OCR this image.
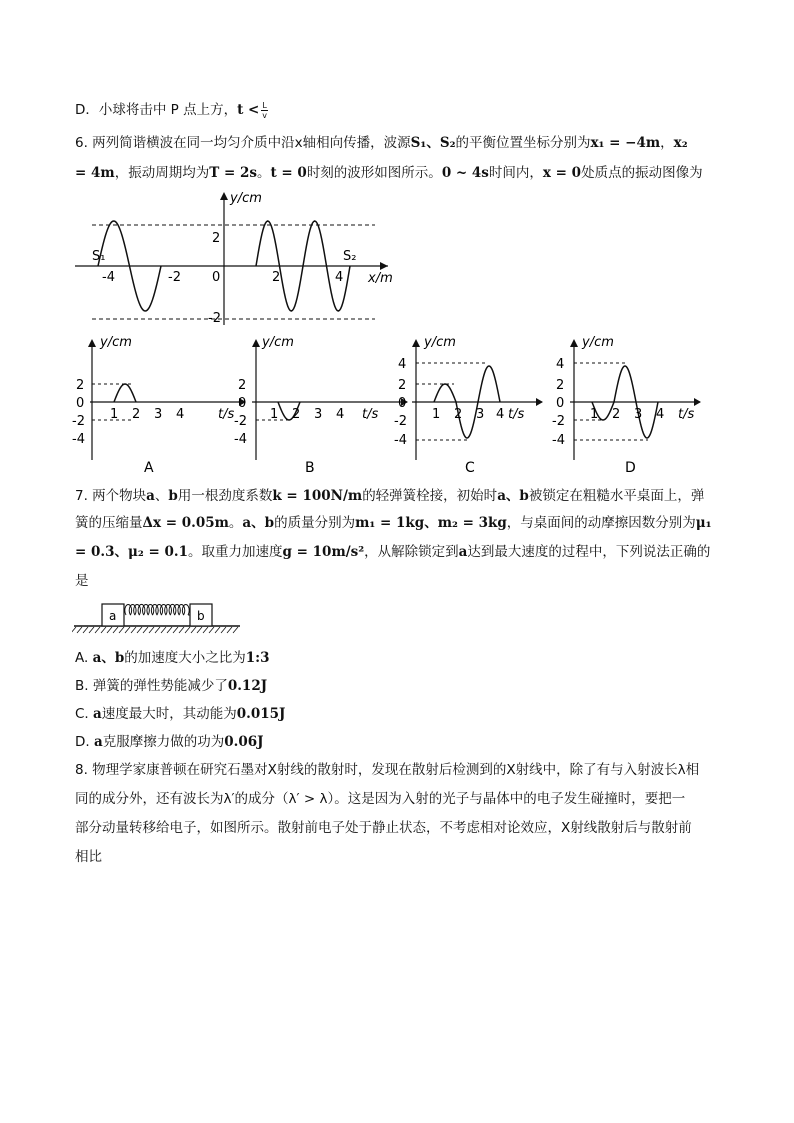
D．小球将击中 P 点上方，$t < \frac{L}{v}$
6. 两列简谐横波在同一均匀介质中沿x轴相向传播，波源S₁、S₂的平衡位置坐标分别为x₁ = −4m，x₂
= 4m，振动周期均为T = 2s。t = 0时刻的波形如图所示。0 ~ 4s时间内，x = 0处质点的振动图像为
y/cm
x/m
S₁	S₂
-4	-2 0	2	4
2
-2
y/cm
t/s
2
0
-2
-4
1 2 3 4
A
y/cm
t/s
2
0
-2
-4
1 2 3 4
B
y/cm
t/s
4
2
0
-2
-4
1 2 3 4
C
y/cm
t/s
4
2
0
-2
-4
1 2 3 4
D
7. 两个物块a、b用一根劲度系数k = 100N/m的轻弹簧栓接，初始时a、b被锁定在粗糙水平桌面上，弹
簧的压缩量Δx = 0.05m。a、b的质量分别为m₁ = 1kg、m₂ = 3kg，与桌面间的动摩擦因数分别为μ₁
= 0.3、μ₂ = 0.1。取重力加速度g = 10m/s²，从解除锁定到a达到最大速度的过程中，下列说法正确的
是
a	b
A. a、b的加速度大小之比为1:3
B. 弹簧的弹性势能减少了0.12J
C. a速度最大时，其动能为0.015J
D. a克服摩擦力做的功为0.06J
8. 物理学家康普顿在研究石墨对X射线的散射时，发现在散射后检测到的X射线中，除了有与入射波长λ相
同的成分外，还有波长为λ′的成分（λ′ > λ）。这是因为入射的光子与晶体中的电子发生碰撞时，要把一
部分动量转移给电子，如图所示。散射前电子处于静止状态，不考虑相对论效应，X射线散射后与散射前
相比
